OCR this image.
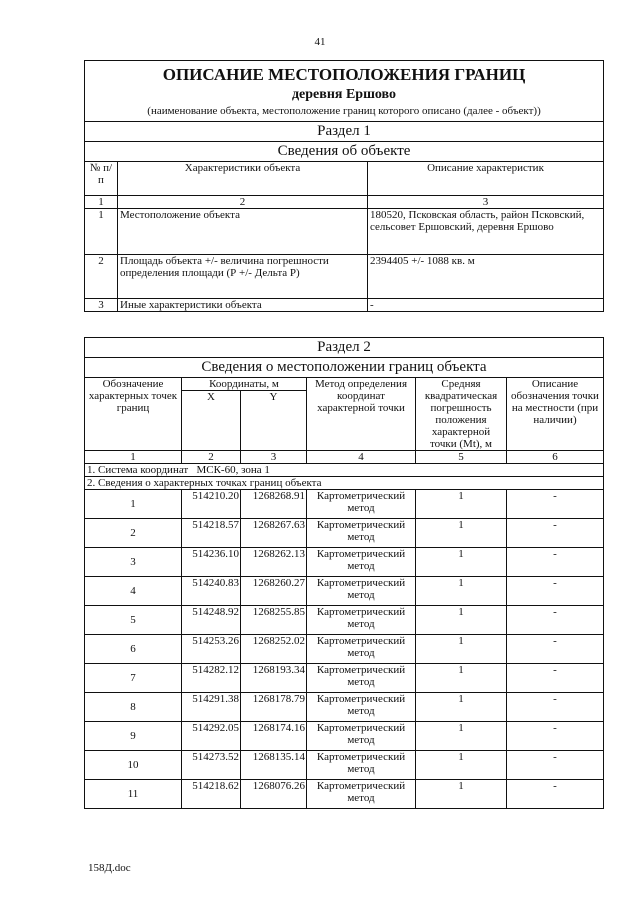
41
ОПИСАНИЕ МЕСТОПОЛОЖЕНИЯ ГРАНИЦ
деревня Ершово
(наименование объекта, местоположение границ которого описано (далее - объект))		

Раздел 1		
Сведения об объекте		
№ п/п	Характеристики объекта	Описание характеристик
1	2	3
1	Местоположение объекта	180520, Псковская область, район Псковский, сельсовет Ершовский, деревня Ершово
2	Площадь объекта +/- величина погрешности определения площади (Р +/- Дельта Р)	2394405 +/- 1088 кв. м
3	Иные характеристики объекта	-
Раздел 2					
Сведения о местоположении границ объекта					
Обозначение характерных точек границ	Координаты, м		Метод определения координат характерной точки	Средняя квадратическая погрешность положения характерной точки (Мt), м	Описание обозначения точки на местности (при наличии)
	X	Y			
1	2	3	4	5	6
1. Система координат   МСК-60, зона 1					
2. Сведения о характерных точках границ объекта					
1	514210.20	1268268.91	Картометрический метод	1	-
2	514218.57	1268267.63	Картометрический метод	1	-
3	514236.10	1268262.13	Картометрический метод	1	-
4	514240.83	1268260.27	Картометрический метод	1	-
5	514248.92	1268255.85	Картометрический метод	1	-
6	514253.26	1268252.02	Картометрический метод	1	-
7	514282.12	1268193.34	Картометрический метод	1	-
8	514291.38	1268178.79	Картометрический метод	1	-
9	514292.05	1268174.16	Картометрический метод	1	-
10	514273.52	1268135.14	Картометрический метод	1	-
11	514218.62	1268076.26	Картометрический метод	1	-
158Д.doc
